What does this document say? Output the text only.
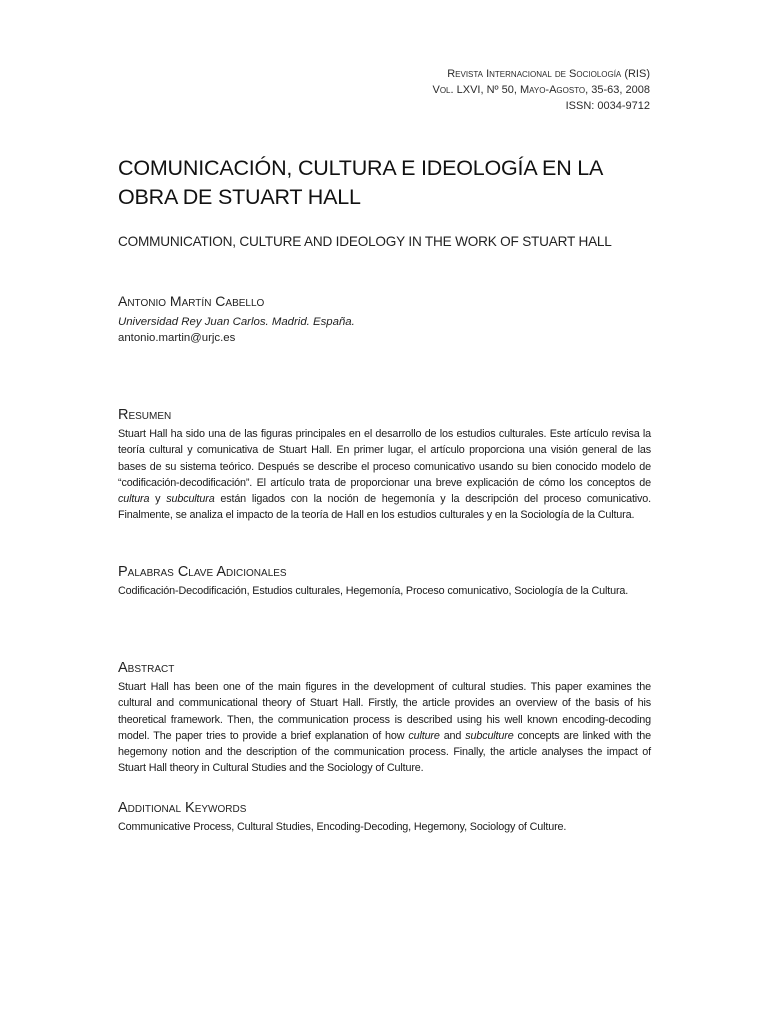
Revista Internacional de Sociología (RIS)
Vol. LXVI, Nº 50, Mayo-Agosto, 35-63, 2008
ISSN: 0034-9712
COMUNICACIÓN, CULTURA E IDEOLOGÍA EN LA OBRA DE STUART HALL
COMMUNICATION, CULTURE AND IDEOLOGY IN THE WORK OF STUART HALL
Antonio Martín Cabello
Universidad Rey Juan Carlos. Madrid. España.
antonio.martin@urjc.es
Resumen
Stuart Hall ha sido una de las figuras principales en el desarrollo de los estudios culturales. Este artículo revisa la teoría cultural y comunicativa de Stuart Hall. En primer lugar, el artículo proporciona una visión general de las bases de su sistema teórico. Después se describe el proceso comunicativo usando su bien conocido modelo de “codificación-decodificación”. El artículo trata de proporcionar una breve explicación de cómo los conceptos de cultura y subcultura están ligados con la noción de hegemonía y la descripción del proceso comunicativo. Finalmente, se analiza el impacto de la teoría de Hall en los estudios culturales y en la Sociología de la Cultura.
Palabras Clave Adicionales
Codificación-Decodificación, Estudios culturales, Hegemonía, Proceso comunicativo, Sociología de la Cultura.
Abstract
Stuart Hall has been one of the main figures in the development of cultural studies. This paper examines the cultural and communicational theory of Stuart Hall. Firstly, the article provides an overview of the basis of his theoretical framework. Then, the communication process is described using his well known encoding-decoding model. The paper tries to provide a brief explanation of how culture and subculture concepts are linked with the hegemony notion and the description of the communication process. Finally, the article analyses the impact of Stuart Hall theory in Cultural Studies and the Sociology of Culture.
Additional Keywords
Communicative Process, Cultural Studies, Encoding-Decoding, Hegemony, Sociology of Culture.
